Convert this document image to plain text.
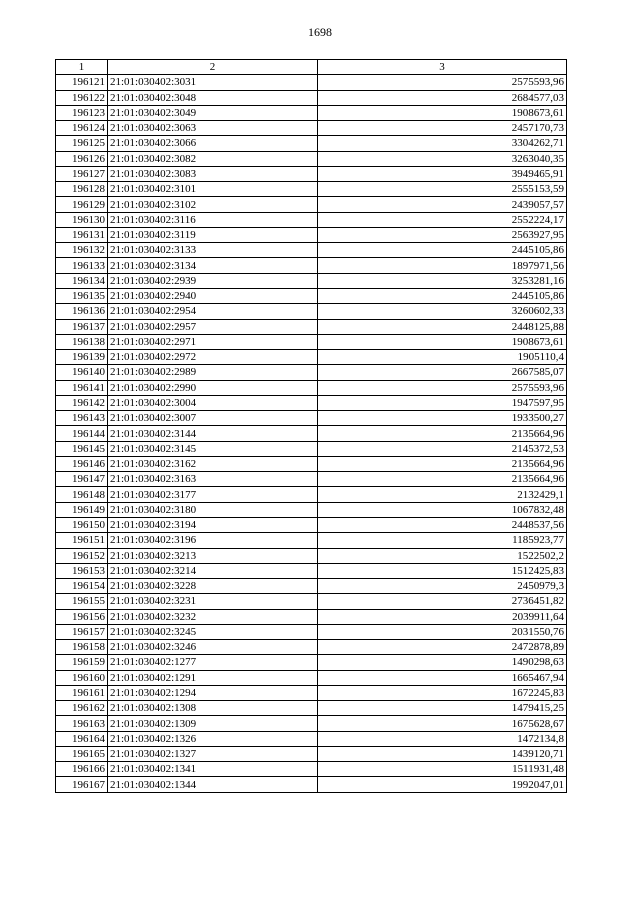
1698
1	2	3
196121	21:01:030402:3031	2575593,96
196122	21:01:030402:3048	2684577,03
196123	21:01:030402:3049	1908673,61
196124	21:01:030402:3063	2457170,73
196125	21:01:030402:3066	3304262,71
196126	21:01:030402:3082	3263040,35
196127	21:01:030402:3083	3949465,91
196128	21:01:030402:3101	2555153,59
196129	21:01:030402:3102	2439057,57
196130	21:01:030402:3116	2552224,17
196131	21:01:030402:3119	2563927,95
196132	21:01:030402:3133	2445105,86
196133	21:01:030402:3134	1897971,56
196134	21:01:030402:2939	3253281,16
196135	21:01:030402:2940	2445105,86
196136	21:01:030402:2954	3260602,33
196137	21:01:030402:2957	2448125,88
196138	21:01:030402:2971	1908673,61
196139	21:01:030402:2972	1905110,4
196140	21:01:030402:2989	2667585,07
196141	21:01:030402:2990	2575593,96
196142	21:01:030402:3004	1947597,95
196143	21:01:030402:3007	1933500,27
196144	21:01:030402:3144	2135664,96
196145	21:01:030402:3145	2145372,53
196146	21:01:030402:3162	2135664,96
196147	21:01:030402:3163	2135664,96
196148	21:01:030402:3177	2132429,1
196149	21:01:030402:3180	1067832,48
196150	21:01:030402:3194	2448537,56
196151	21:01:030402:3196	1185923,77
196152	21:01:030402:3213	1522502,2
196153	21:01:030402:3214	1512425,83
196154	21:01:030402:3228	2450979,3
196155	21:01:030402:3231	2736451,82
196156	21:01:030402:3232	2039911,64
196157	21:01:030402:3245	2031550,76
196158	21:01:030402:3246	2472878,89
196159	21:01:030402:1277	1490298,63
196160	21:01:030402:1291	1665467,94
196161	21:01:030402:1294	1672245,83
196162	21:01:030402:1308	1479415,25
196163	21:01:030402:1309	1675628,67
196164	21:01:030402:1326	1472134,8
196165	21:01:030402:1327	1439120,71
196166	21:01:030402:1341	1511931,48
196167	21:01:030402:1344	1992047,01
